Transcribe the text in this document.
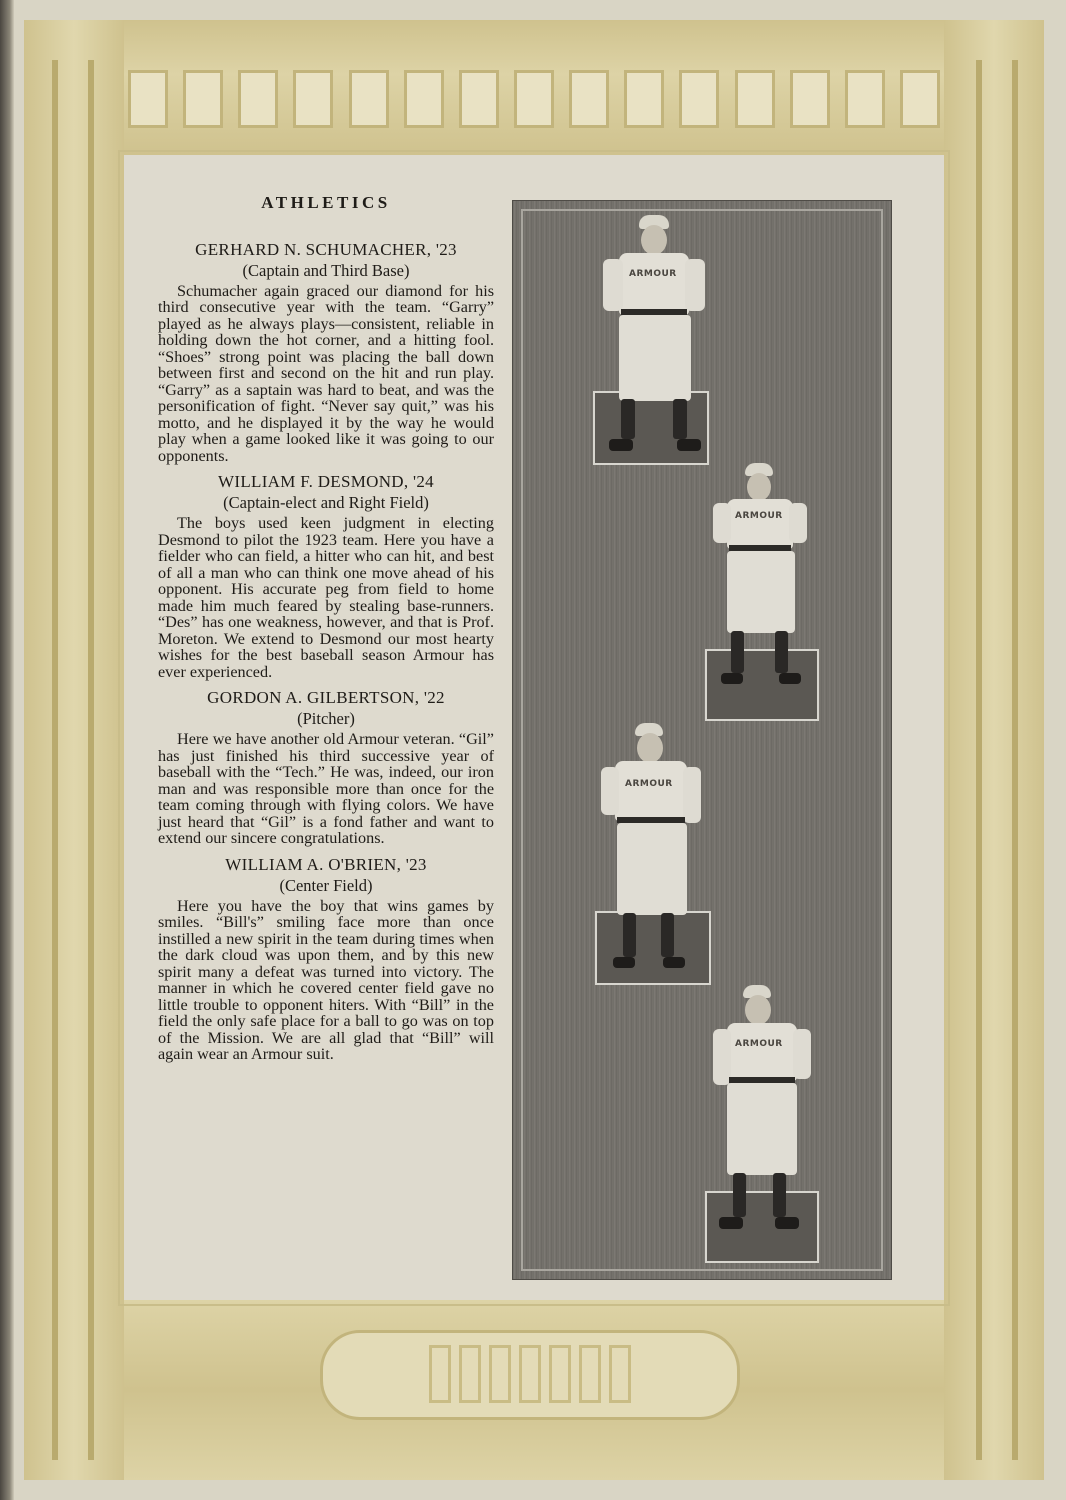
ATHLETICS

GERHARD N. SCHUMACHER, '23

(Captain and Third Base)

Schumacher again graced our diamond for his third consecutive year with the team. “Garry” played as he always plays—consistent, reliable in holding down the hot corner, and a hitting fool. “Shoes” strong point was placing the ball down between first and second on the hit and run play. “Garry” as a saptain was hard to beat, and was the personification of fight. “Never say quit,” was his motto, and he displayed it by the way he would play when a game looked like it was going to our opponents.

WILLIAM F. DESMOND, '24

(Captain-elect and Right Field)

The boys used keen judgment in electing Desmond to pilot the 1923 team. Here you have a fielder who can field, a hitter who can hit, and best of all a man who can think one move ahead of his opponent. His accurate peg from field to home made him much feared by stealing base-runners. “Des” has one weakness, however, and that is Prof. Moreton. We extend to Desmond our most hearty wishes for the best baseball season Armour has ever experienced.

GORDON A. GILBERTSON, '22

(Pitcher)

Here we have another old Armour veteran. “Gil” has just finished his third successive year of baseball with the “Tech.” He was, indeed, our iron man and was responsible more than once for the team coming through with flying colors. We have just heard that “Gil” is a fond father and want to extend our sincere congratulations.

WILLIAM A. O'BRIEN, '23

(Center Field)

Here you have the boy that wins games by smiles. “Bill's” smiling face more than once instilled a new spirit in the team during times when the dark cloud was upon them, and by this new spirit many a defeat was turned into victory. The manner in which he covered center field gave no little trouble to opponent hiters. With “Bill” in the field the only safe place for a ball to go was on top of the Mission. We are all glad that “Bill” will again wear an Armour suit.

ARMOUR
ARMOUR
ARMOUR
ARMOUR
